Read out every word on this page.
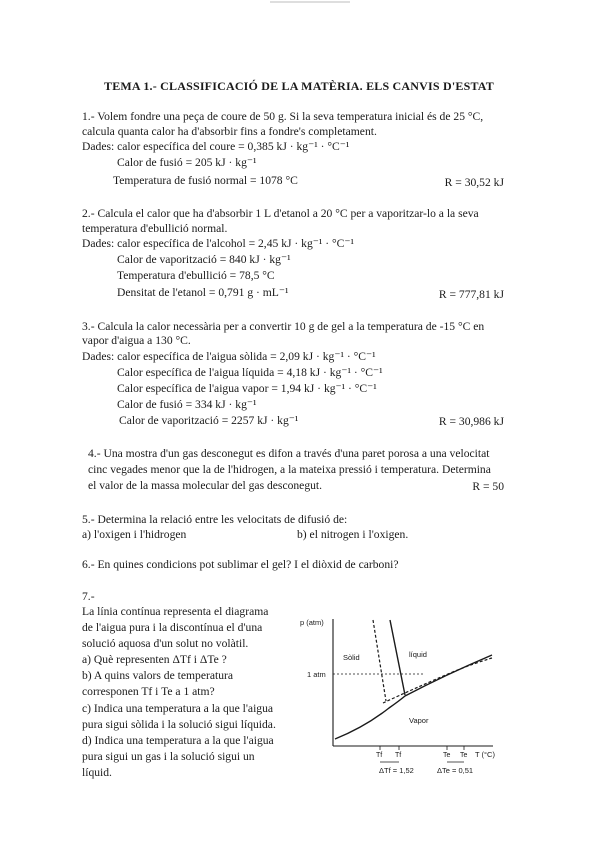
TEMA 1.- CLASSIFICACIÓ DE LA MATÈRIA. ELS CANVIS D'ESTAT
1.- Volem fondre una peça de coure de 50 g. Si la seva temperatura inicial és de 25 °C,
calcula quanta calor ha d'absorbir fins a fondre's completament.
Dades: calor específica del coure = 0,385 kJ · kg⁻¹ · °C⁻¹
Calor de fusió = 205 kJ · kg⁻¹
Temperatura de fusió normal = 1078 °C	R = 30,52 kJ
2.- Calcula el calor que ha d'absorbir 1 L d'etanol a 20 °C per a vaporitzar-lo a la seva
temperatura d'ebullició normal.
Dades: calor específica de l'alcohol = 2,45 kJ · kg⁻¹ · °C⁻¹
Calor de vaporització = 840 kJ · kg⁻¹
Temperatura d'ebullició = 78,5 °C
Densitat de l'etanol = 0,791 g · mL⁻¹	R = 777,81 kJ
3.- Calcula la calor necessària per a convertir 10 g de gel a la temperatura de -15 °C en
vapor d'aigua a 130 °C.
Dades: calor específica de l'aigua sòlida = 2,09 kJ · kg⁻¹ · °C⁻¹
Calor específica de l'aigua líquida = 4,18 kJ · kg⁻¹ · °C⁻¹
Calor específica de l'aigua vapor = 1,94 kJ · kg⁻¹ · °C⁻¹
Calor de fusió = 334 kJ · kg⁻¹
Calor de vaporització = 2257 kJ · kg⁻¹	R = 30,986 kJ
4.- Una mostra d'un gas desconegut es difon a través d'una paret porosa a una velocitat
cinc vegades menor que la de l'hidrogen, a la mateixa pressió i temperatura. Determina
el valor de la massa molecular del gas desconegut.	R = 50
5.- Determina la relació entre les velocitats de difusió de:
a) l'oxigen i l'hidrogen	b) el nitrogen i l'oxigen.
6.- En quines condicions pot sublimar el gel? I el diòxid de carboni?
7.-
La línia contínua representa el diagrama
de l'aigua pura i la discontínua el d'una
solució aquosa d'un solut no volàtil.
a) Què representen ΔTf i ΔTe ?
b) A quins valors de temperatura
corresponen Tf i Te a 1 atm?
c) Indica una temperatura a la que l'aigua
pura sigui sòlida i la solució sigui líquida.
d) Indica una temperatura a la que l'aigua
pura sigui un gas i la solució sigui un
líquid.
p (atm)
1 atm
Sòlid	líquid
Vapor
Tf Tf	Te Te T (°C)
ΔTf = 1,52	ΔTe = 0,51
